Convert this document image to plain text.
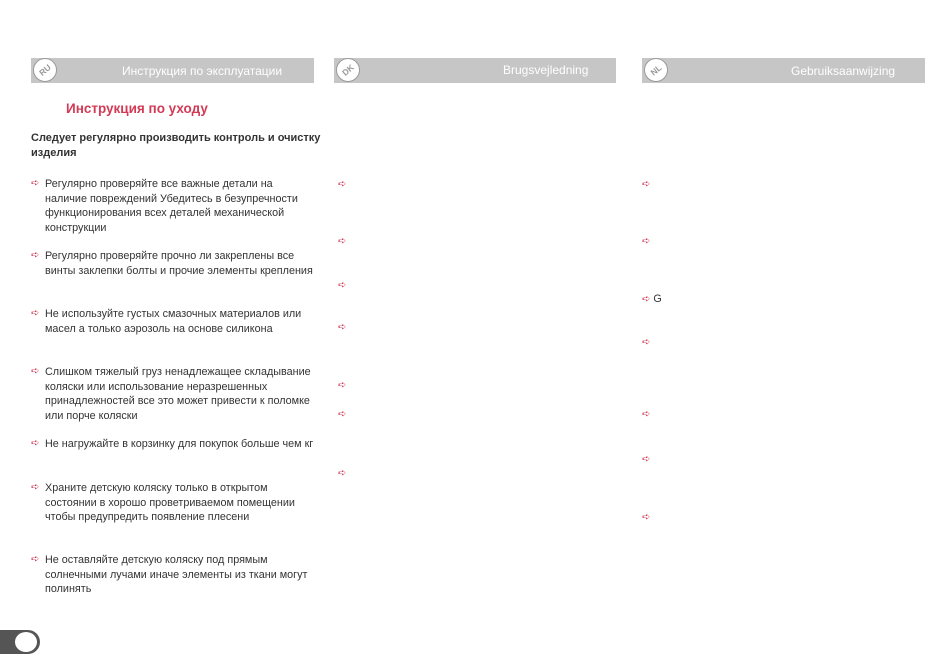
Инструкция по эксплуатации
RU	Brugsvejledning
DK	Gebruiksaanwijzing
NL
Инструкция по уходу
Следует регулярно производить контроль и очистку изделия
➪ Регулярно проверяйте все важные детали на наличие повреждений Убедитесь в безупречности функционирования всех деталей механической конструкции
➪ Регулярно проверяйте прочно ли закреплены все винты заклепки болты и прочие элементы крепления
➪ Не используйте густых смазочных материалов или масел а только аэрозоль на основе силикона
➪ Слишком тяжелый груз ненадлежащее складывание коляски или использование неразрешенных принадлежностей все это может привести к поломке или порче коляски
➪ Не нагружайте в корзинку для покупок больше чем кг
➪ Храните детскую коляску только в открытом состоянии в хорошо проветриваемом помещении чтобы предупредить появление плесени
➪ Не оставляйте детскую коляску под прямым солнечными лучами иначе элементы из ткани могут полинять
➪
➪
➪
➪
➪
➪
➪
➪
➪
➪ G
➪
➪
➪
➪
